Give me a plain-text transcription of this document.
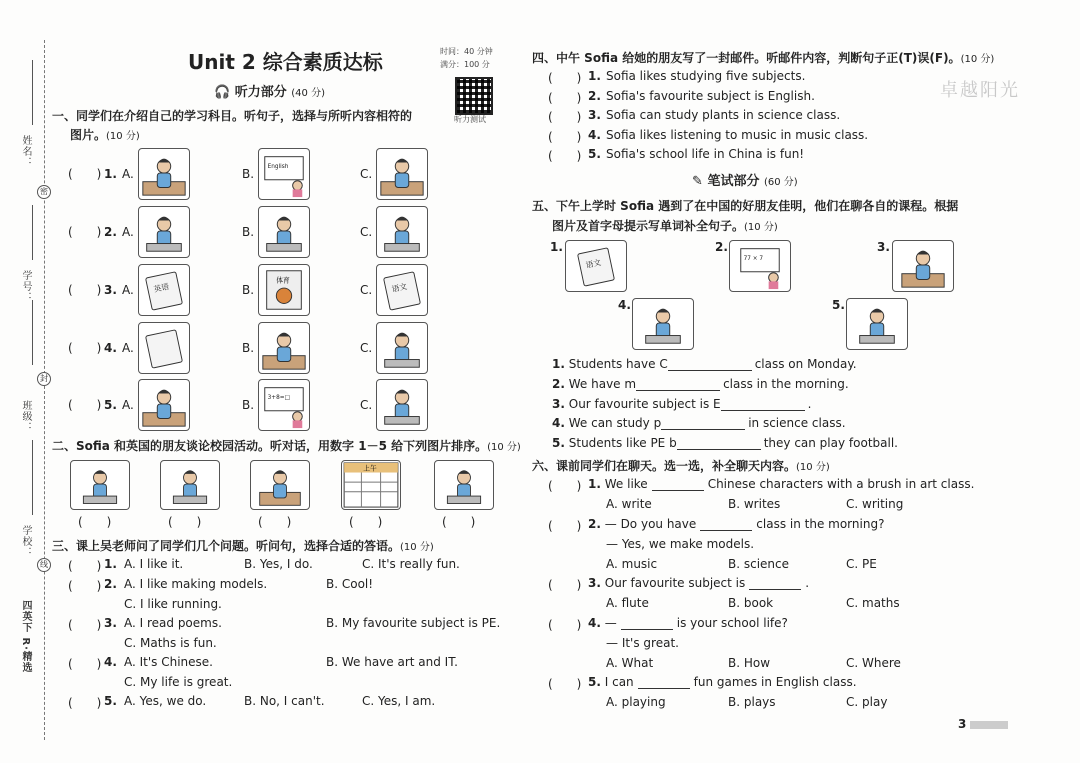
姓名：
密
学号：
封
班级：
学校：
线
四英下 R·精选
Unit 2 综合素质达标	时间：40 分钟
满分：100 分
听力测试
🎧 听力部分 (40 分)
一、同学们在介绍自己的学习科目。听句子，选择与所听内容相符的
图片。(10 分)
二、Sofia 和英国的朋友谈论校园活动。听对话，用数字 1－5 给下列图片排序。(10 分)
三、课上吴老师问了同学们几个问题。听问句，选择合适的答语。(10 分)
四、中午 Sofia 给她的朋友写了一封邮件。听邮件内容，判断句子正(T)误(F)。(10 分)
卓越阳光
✎ 笔试部分 (60 分)
五、下午上学时 Sofia 遇到了在中国的好朋友佳明，他们在聊各自的课程。根据
图片及首字母提示写单词补全句子。(10 分)
六、课前同学们在聊天。选一选，补全聊天内容。(10 分)
3
(　　) 1. A.	B. English	C.
(　　) 2. A.	B.	C.
(　　) 3. A. 英语	B.
体育
C. 语文
(　　) 4. A.	B.	C.
(　　) 5. A.	B. 3+8=□	C.
(　　)	(　　)	(　　)
上午
(　　)	(　　)
(　　) 1. A. I like it.	B. Yes, I do.	C. It's really fun.
(　　) 2. A. I like making models.	B. Cool!
C. I like running.
(　　) 3. A. I read poems.	B. My favourite subject is PE.
C. Maths is fun.
(　　) 4. A. It's Chinese.	B. We have art and IT.
C. My life is great.
(　　) 5. A. Yes, we do.	B. No, I can't.	C. Yes, I am.
(　　) 1. Sofia likes studying five subjects.
(　　) 2. Sofia's favourite subject is English.
(　　) 3. Sofia can study plants in science class.
(　　) 4. Sofia likes listening to music in music class.
(　　) 5. Sofia's school life in China is fun!
1.
语文
2.
77 × 7
3.
4.	5.
1. Students have C	class on Monday.
2. We have m	class in the morning.
3. Our favourite subject is E	.
4. We can study p	in science class.
5. Students like PE b	they can play football.
(　　) 1. We like	Chinese characters with a brush in art class.
A. write	B. writes	C. writing
(　　) 2. — Do you have	class in the morning?
— Yes, we make models.
A. music	B. science	C. PE
(　　) 3. Our favourite subject is	.
A. flute	B. book	C. maths
(　　) 4. —	is your school life?
— It's great.
A. What	B. How	C. Where
(　　) 5. I can	fun games in English class.
A. playing	B. plays	C. play
